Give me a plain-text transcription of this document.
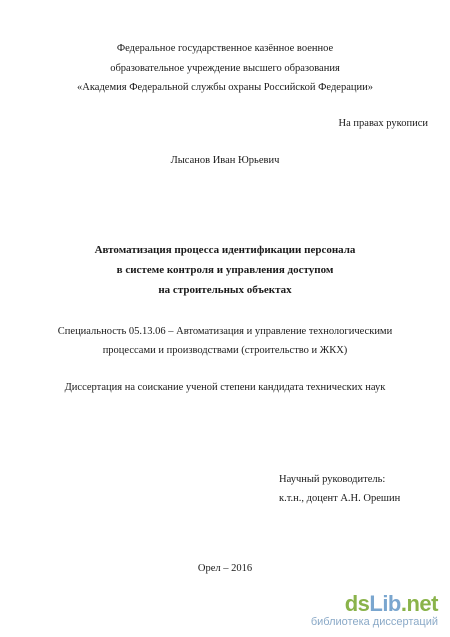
Федеральное государственное казённое военное
образовательное учреждение высшего образования
«Академия Федеральной службы охраны Российской Федерации»
На правах рукописи
Лысанов Иван Юрьевич
Автоматизация процесса идентификации персонала
в системе контроля и управления доступом
на строительных объектах
Специальность 05.13.06 – Автоматизация и управление технологическими
процессами и производствами (строительство и ЖКХ)
Диссертация на соискание ученой степени кандидата технических наук
Научный руководитель:
к.т.н., доцент А.Н. Орешин
Орел – 2016
dsLib.net
библиотека диссертаций
